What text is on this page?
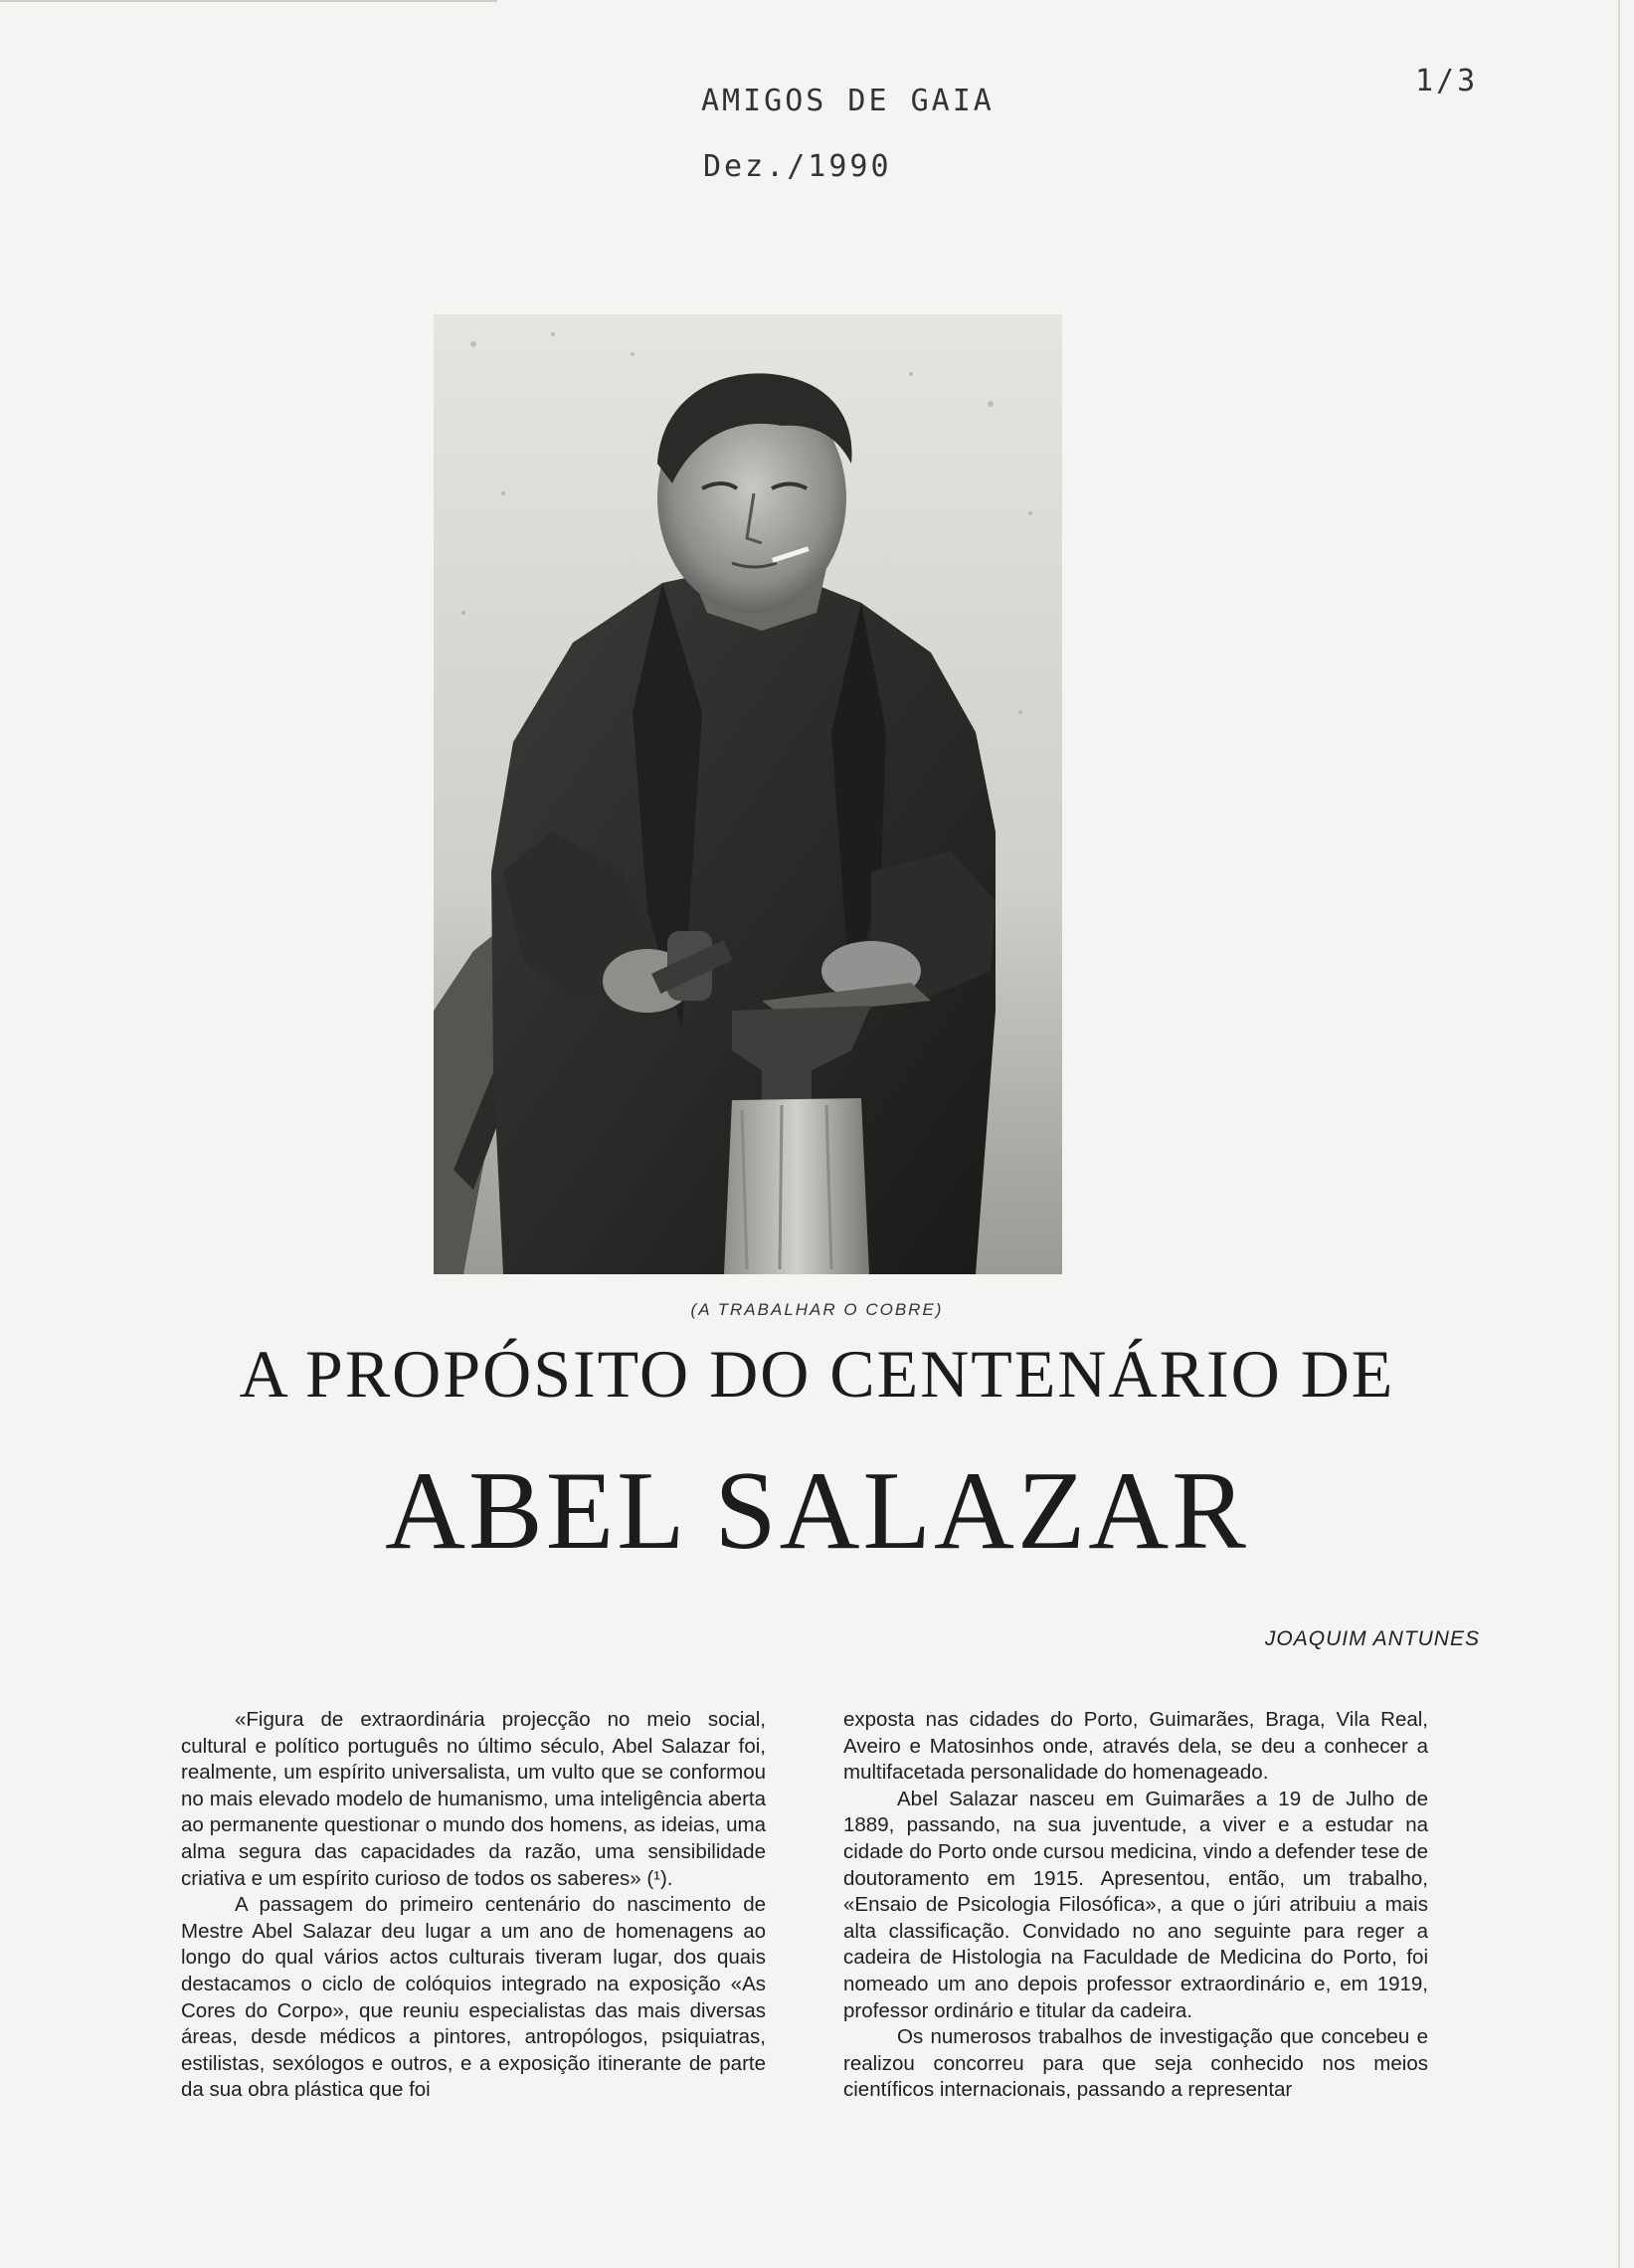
AMIGOS DE GAIA
Dez./1990
1/3
(A TRABALHAR O COBRE)
A PROPÓSITO DO CENTENÁRIO DE
ABEL SALAZAR
JOAQUIM ANTUNES

«Figura de extraordinária projecção no meio social, cultural e político português no último século, Abel Salazar foi, realmente, um espírito universalista, um vulto que se conformou no mais elevado modelo de humanismo, uma inteligência aberta ao permanente questionar o mundo dos homens, as ideias, uma alma segura das capacidades da razão, uma sensibilidade criativa e um espírito curioso de todos os saberes» (¹).

A passagem do primeiro centenário do nascimento de Mestre Abel Salazar deu lugar a um ano de homenagens ao longo do qual vários actos culturais tiveram lugar, dos quais destacamos o ciclo de colóquios integrado na exposição «As Cores do Corpo», que reuniu especialistas das mais diversas áreas, desde médicos a pintores, antropólogos, psiquiatras, estilistas, sexólogos e outros, e a exposição itinerante de parte da sua obra plástica que foi

exposta nas cidades do Porto, Guimarães, Braga, Vila Real, Aveiro e Matosinhos onde, através dela, se deu a conhecer a multifacetada personalidade do homenageado.

Abel Salazar nasceu em Guimarães a 19 de Julho de 1889, passando, na sua juventude, a viver e a estudar na cidade do Porto onde cursou medicina, vindo a defender tese de doutoramento em 1915. Apresentou, então, um trabalho, «Ensaio de Psicologia Filosófica», a que o júri atribuiu a mais alta classificação. Convidado no ano seguinte para reger a cadeira de Histologia na Faculdade de Medicina do Porto, foi nomeado um ano depois professor extraordinário e, em 1919, professor ordinário e titular da cadeira.

Os numerosos trabalhos de investigação que concebeu e realizou concorreu para que seja conhecido nos meios científicos internacionais, passando a representar
